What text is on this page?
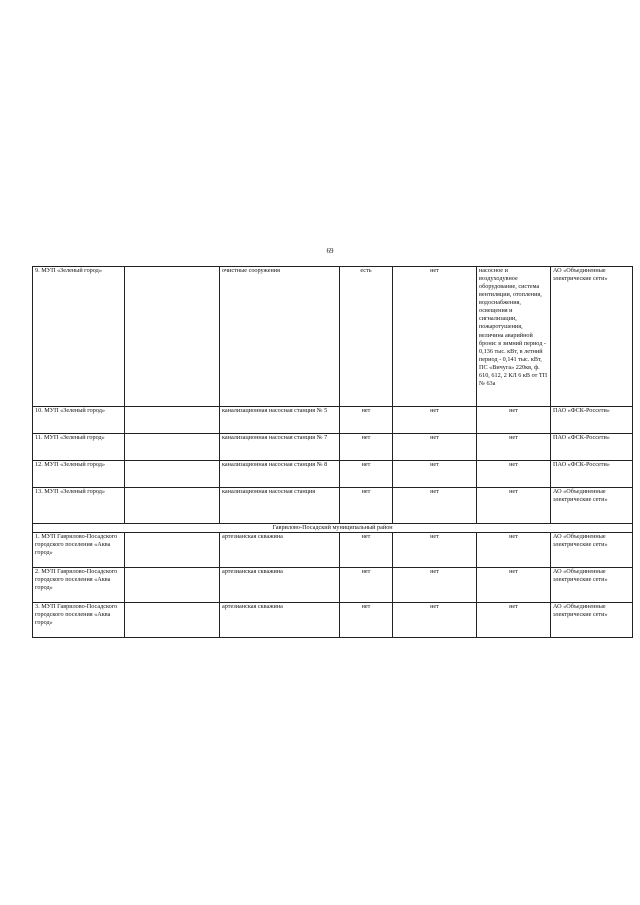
69
9. МУП «Зеленый город»		очистные сооружения	есть	нет	насосное и воздуходувное оборудование, система вентиляции, отопления, водоснабжения, освещения и сигнализации, пожаротушения, величина аварийной брони: в зимний период - 0,136 тыс. кВт, в летний период - 0,141 тыс. кВт, ПС «Вичуга» 220кв, ф. 610, 612, 2 КЛ 6 кВ от ТП № 63а	АО «Объединенные электрические сети»
10. МУП «Зеленый город»		канализационная насосная станция № 5	нет	нет	нет	ПАО «ФСК-Россети»
11. МУП «Зеленый город»		канализационная насосная станция № 7	нет	нет	нет	ПАО «ФСК-Россети»
12. МУП «Зеленый город»		канализационная насосная станция № 8	нет	нет	нет	ПАО «ФСК-Россети»
13. МУП «Зеленый город»		канализационная насосная станция	нет	нет	нет	АО «Объединенные электрические сети»
Гаврилово-Посадский муниципальный район						
1. МУП Гаврилово-Посадского городского поселения «Аква город»		артезианская скважина	нет	нет	нет	АО «Объединенные электрические сети»
2. МУП Гаврилово-Посадского городского поселения «Аква город»		артезианская скважина	нет	нет	нет	АО «Объединенные электрические сети»
3. МУП Гаврилово-Посадского городского поселения «Аква город»		артезианская скважина	нет	нет	нет	АО «Объединенные электрические сети»
